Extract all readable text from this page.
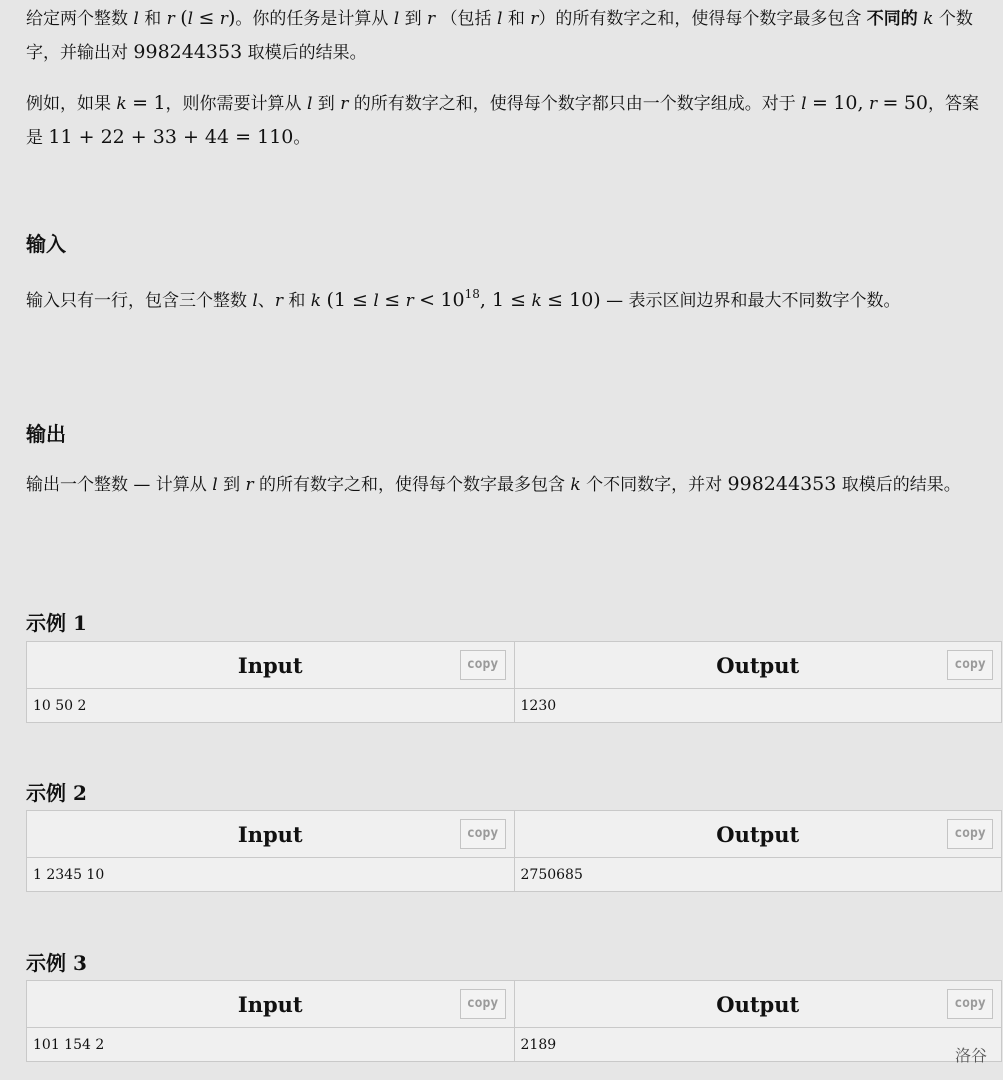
给定两个整数 l 和 r (l ≤ r)。你的任务是计算从 l 到 r （包括 l 和 r）的所有数字之和，使得每个数字最多包含 不同的 k 个数字，并输出对 998244353 取模后的结果。

例如，如果 k = 1，则你需要计算从 l 到 r 的所有数字之和，使得每个数字都只由一个数字组成。对于 l = 10, r = 50，答案是 11 + 22 + 33 + 44 = 110。

输入

输入只有一行，包含三个整数 l、r 和 k ($1 \le l \le r < 10^{18}$, 1 ≤ k ≤ 10) — 表示区间边界和最大不同数字个数。

输出

输出一个整数 — 计算从 l 到 r 的所有数字之和，使得每个数字最多包含 k 个不同数字，并对 998244353 取模后的结果。

示例 1
Input copy	Output copy

10 50 2	1230
示例 2
Input copy	Output copy

1 2345 10	2750685
示例 3
Input copy	Output copy

101 154 2	2189
洛谷
